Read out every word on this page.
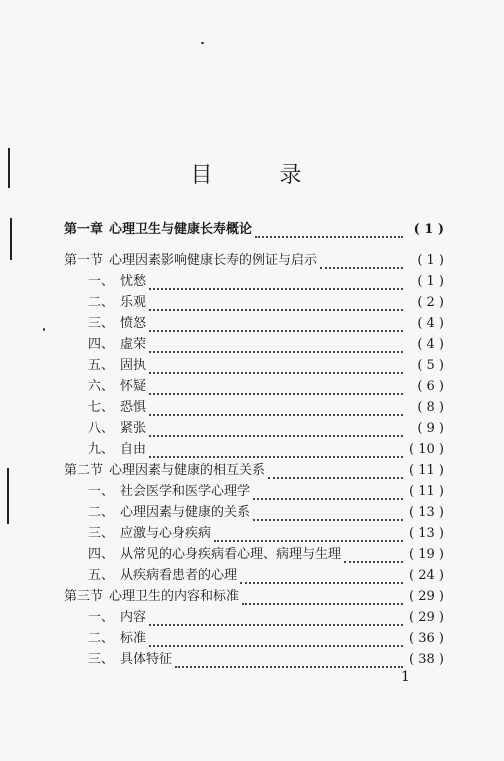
目 录
第一章 心理卫生与健康长寿概论	( 1 )
第一节 心理因素影响健康长寿的例证与启示	( 1 )
一、 忧愁	( 1 )
二、 乐观	( 2 )
三、 愤怒	( 4 )
四、 虚荣	( 4 )
五、 固执	( 5 )
六、 怀疑	( 6 )
七、 恐惧	( 8 )
八、 紧张	( 9 )
九、 自由	( 10 )
第二节 心理因素与健康的相互关系	( 11 )
一、 社会医学和医学心理学	( 11 )
二、 心理因素与健康的关系	( 13 )
三、 应激与心身疾病	( 13 )
四、 从常见的心身疾病看心理、病理与生理	( 19 )
五、 从疾病看患者的心理	( 24 )
第三节 心理卫生的内容和标准	( 29 )
一、 内容	( 29 )
二、 标准	( 36 )
三、 具体特征	( 38 )
1
